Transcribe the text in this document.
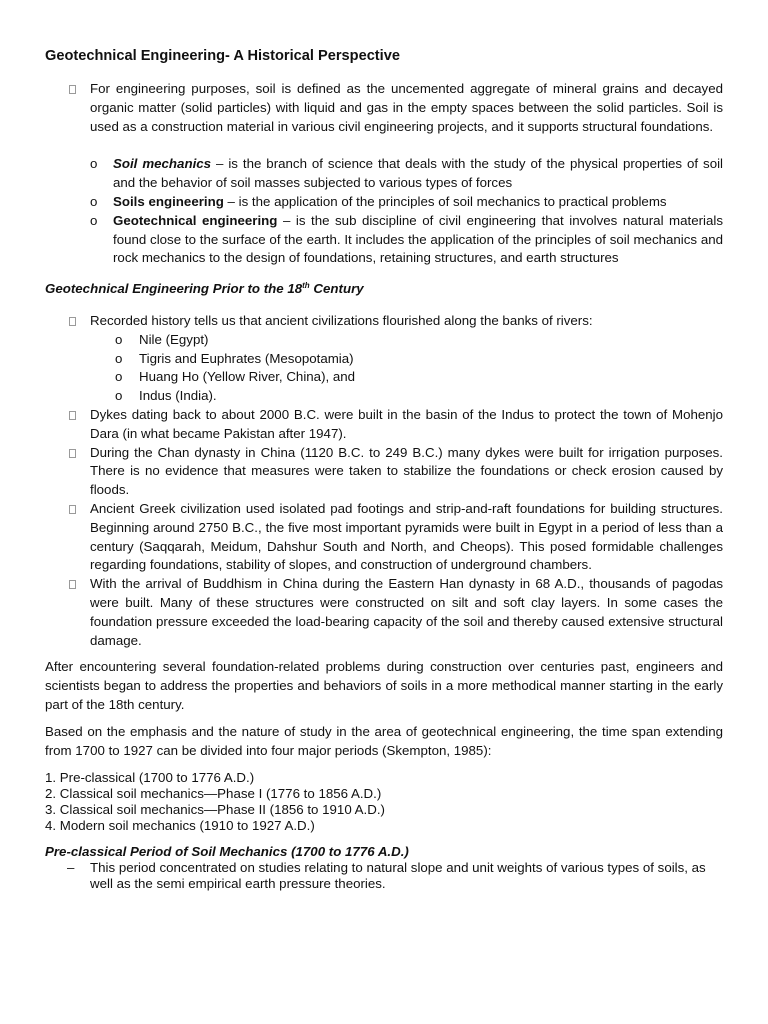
Geotechnical Engineering- A Historical Perspective
For engineering purposes, soil is defined as the uncemented aggregate of mineral grains and decayed organic matter (solid particles) with liquid and gas in the empty spaces between the solid particles. Soil is used as a construction material in various civil engineering projects, and it supports structural foundations.
o Soil mechanics – is the branch of science that deals with the study of the physical properties of soil and the behavior of soil masses subjected to various types of forces
o Soils engineering – is the application of the principles of soil mechanics to practical problems
o Geotechnical engineering – is the sub discipline of civil engineering that involves natural materials found close to the surface of the earth. It includes the application of the principles of soil mechanics and rock mechanics to the design of foundations, retaining structures, and earth structures

Geotechnical Engineering Prior to the 18th Century

Recorded history tells us that ancient civilizations flourished along the banks of rivers:
o Nile (Egypt)
o Tigris and Euphrates (Mesopotamia)
o Huang Ho (Yellow River, China), and
o Indus (India).
Dykes dating back to about 2000 B.C. were built in the basin of the Indus to protect the town of Mohenjo Dara (in what became Pakistan after 1947).
During the Chan dynasty in China (1120 B.C. to 249 B.C.) many dykes were built for irrigation purposes. There is no evidence that measures were taken to stabilize the foundations or check erosion caused by floods.
Ancient Greek civilization used isolated pad footings and strip-and-raft foundations for building structures. Beginning around 2750 B.C., the five most important pyramids were built in Egypt in a period of less than a century (Saqqarah, Meidum, Dahshur South and North, and Cheops). This posed formidable challenges regarding foundations, stability of slopes, and construction of underground chambers.
With the arrival of Buddhism in China during the Eastern Han dynasty in 68 A.D., thousands of pagodas were built. Many of these structures were constructed on silt and soft clay layers. In some cases the foundation pressure exceeded the load-bearing capacity of the soil and thereby caused extensive structural damage.

After encountering several foundation-related problems during construction over centuries past, engineers and scientists began to address the properties and behaviors of soils in a more methodical manner starting in the early part of the 18th century.

Based on the emphasis and the nature of study in the area of geotechnical engineering, the time span extending from 1700 to 1927 can be divided into four major periods (Skempton, 1985):

1. Pre-classical (1700 to 1776 A.D.)
2. Classical soil mechanics—Phase I (1776 to 1856 A.D.)
3. Classical soil mechanics—Phase II (1856 to 1910 A.D.)
4. Modern soil mechanics (1910 to 1927 A.D.)

Pre-classical Period of Soil Mechanics (1700 to 1776 A.D.)

– This period concentrated on studies relating to natural slope and unit weights of various types of soils, as well as the semi empirical earth pressure theories.
